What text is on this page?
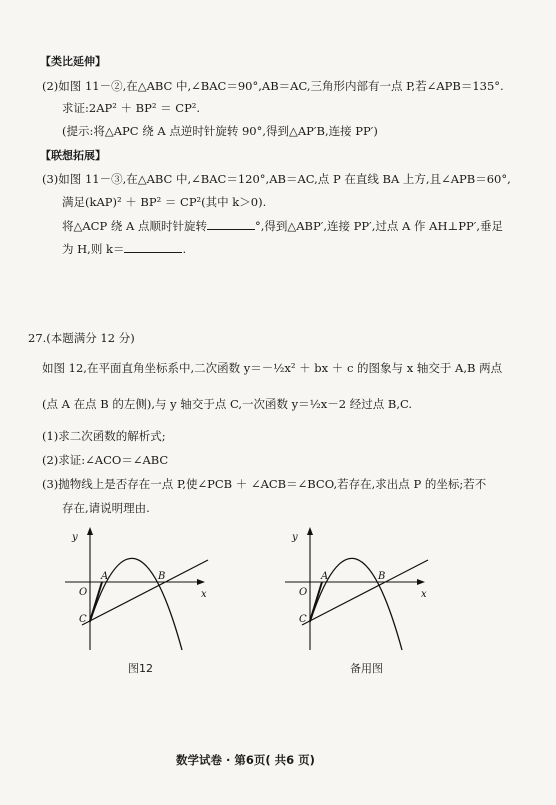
【类比延伸】
(2)如图 11－②,在△ABC 中,∠BAC＝90°,AB＝AC,三角形内部有一点 P,若∠APB＝135°.
求证:2AP² ＋ BP² ＝ CP².
(提示:将△APC 绕 A 点逆时针旋转 90°,得到△AP′B,连接 PP′)
【联想拓展】
(3)如图 11－③,在△ABC 中,∠BAC＝120°,AB＝AC,点 P 在直线 BA 上方,且∠APB＝60°,
满足(kAP)² ＋ BP² ＝ CP²(其中 k＞0).
将△ACP 绕 A 点顺时针旋转	°,得到△ABP′,连接 PP′,过点 A 作 AH⊥PP′,垂足
为 H,则 k＝	.
27.(本题满分 12 分)
如图 12,在平面直角坐标系中,二次函数 y＝－½x² ＋ bx ＋ c 的图象与 x 轴交于 A,B 两点
(点 A 在点 B 的左侧),与 y 轴交于点 C,一次函数 y＝½x－2 经过点 B,C.
(1)求二次函数的解析式;
(2)求证:∠ACO＝∠ABC
(3)抛物线上是否存在一点 P,使∠PCB ＋ ∠ACB＝∠BCO,若存在,求出点 P 的坐标;若不
存在,请说明理由.
y
x
O
A	B
C
图12
y
x
O
A	B
C
备用图
数学试卷 · 第6页( 共6 页)
